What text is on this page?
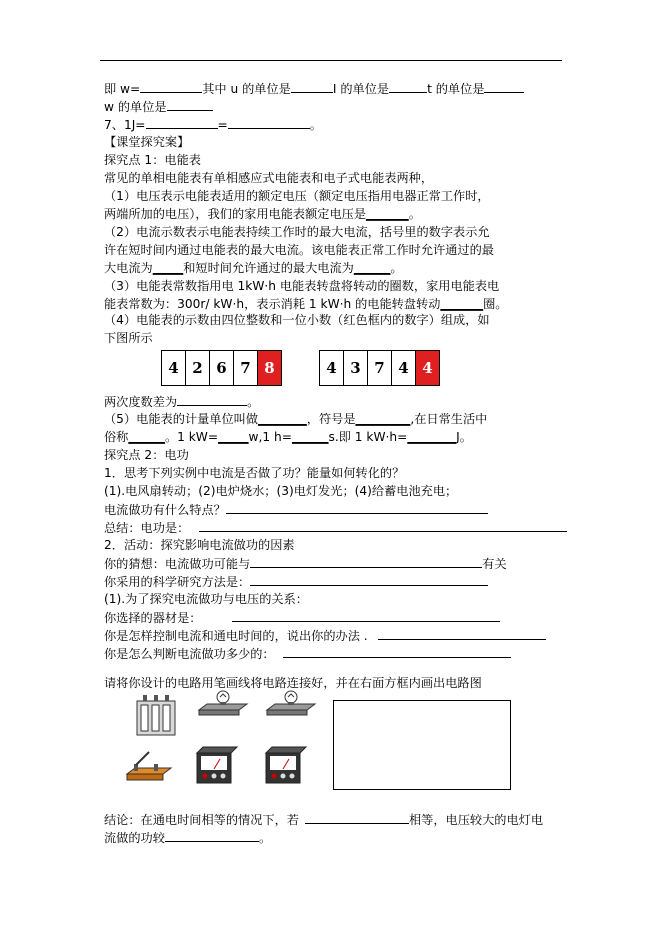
即 w=	其中 u 的单位是	I 的单位是	t 的单位是
w 的单位是
7、1J=	=	。
【课堂探究案】
探究点 1：电能表
常见的单相电能表有单相感应式电能表和电子式电能表两种，
（1）电压表示电能表适用的额定电压（额定电压指用电器正常工作时，
两端所加的电压），我们的家用电能表额定电压是_______。
（2）电流示数表示电能表持续工作时的最大电流，括号里的数字表示允
许在短时间内通过电能表的最大电流。该电能表正常工作时允许通过的最
大电流为_____和短时间允许通过的最大电流为______。
（3）电能表常数指用电 1kW·h 电能表转盘将转动的圈数，家用电能表电
能表常数为：300r/ kW·h，表示消耗 1 kW·h 的电能转盘转动_______圈。
（4）电能表的示数由四位整数和一位小数（红色框内的数字）组成，如
下图所示
4 2 6 7 8	4 3 7 4 4
两次度数差为	。
（5）电能表的计量单位叫做________，符号是_________,在日常生活中
俗称______。1 kW=_____w,1 h=______s.即 1 kW·h=________J。
探究点 2：电功
1．思考下列实例中电流是否做了功？能量如何转化的？
(1).电风扇转动；(2)电炉烧水；(3)电灯发光；(4)给蓄电池充电；
电流做功有什么特点？
总结：电功是：
2．活动：探究影响电流做功的因素
你的猜想：电流做功可能与	有关
你采用的科学研究方法是：
(1).为了探究电流做功与电压的关系：
你选择的器材是：
你是怎样控制电流和通电时间的，说出你的办法 .
你是怎么判断电流做功多少的：
请将你设计的电路用笔画线将电路连接好，并在右面方框内画出电路图
结论：在通电时间相等的情况下，若	相等，电压较大的电灯电
流做的功较	。
